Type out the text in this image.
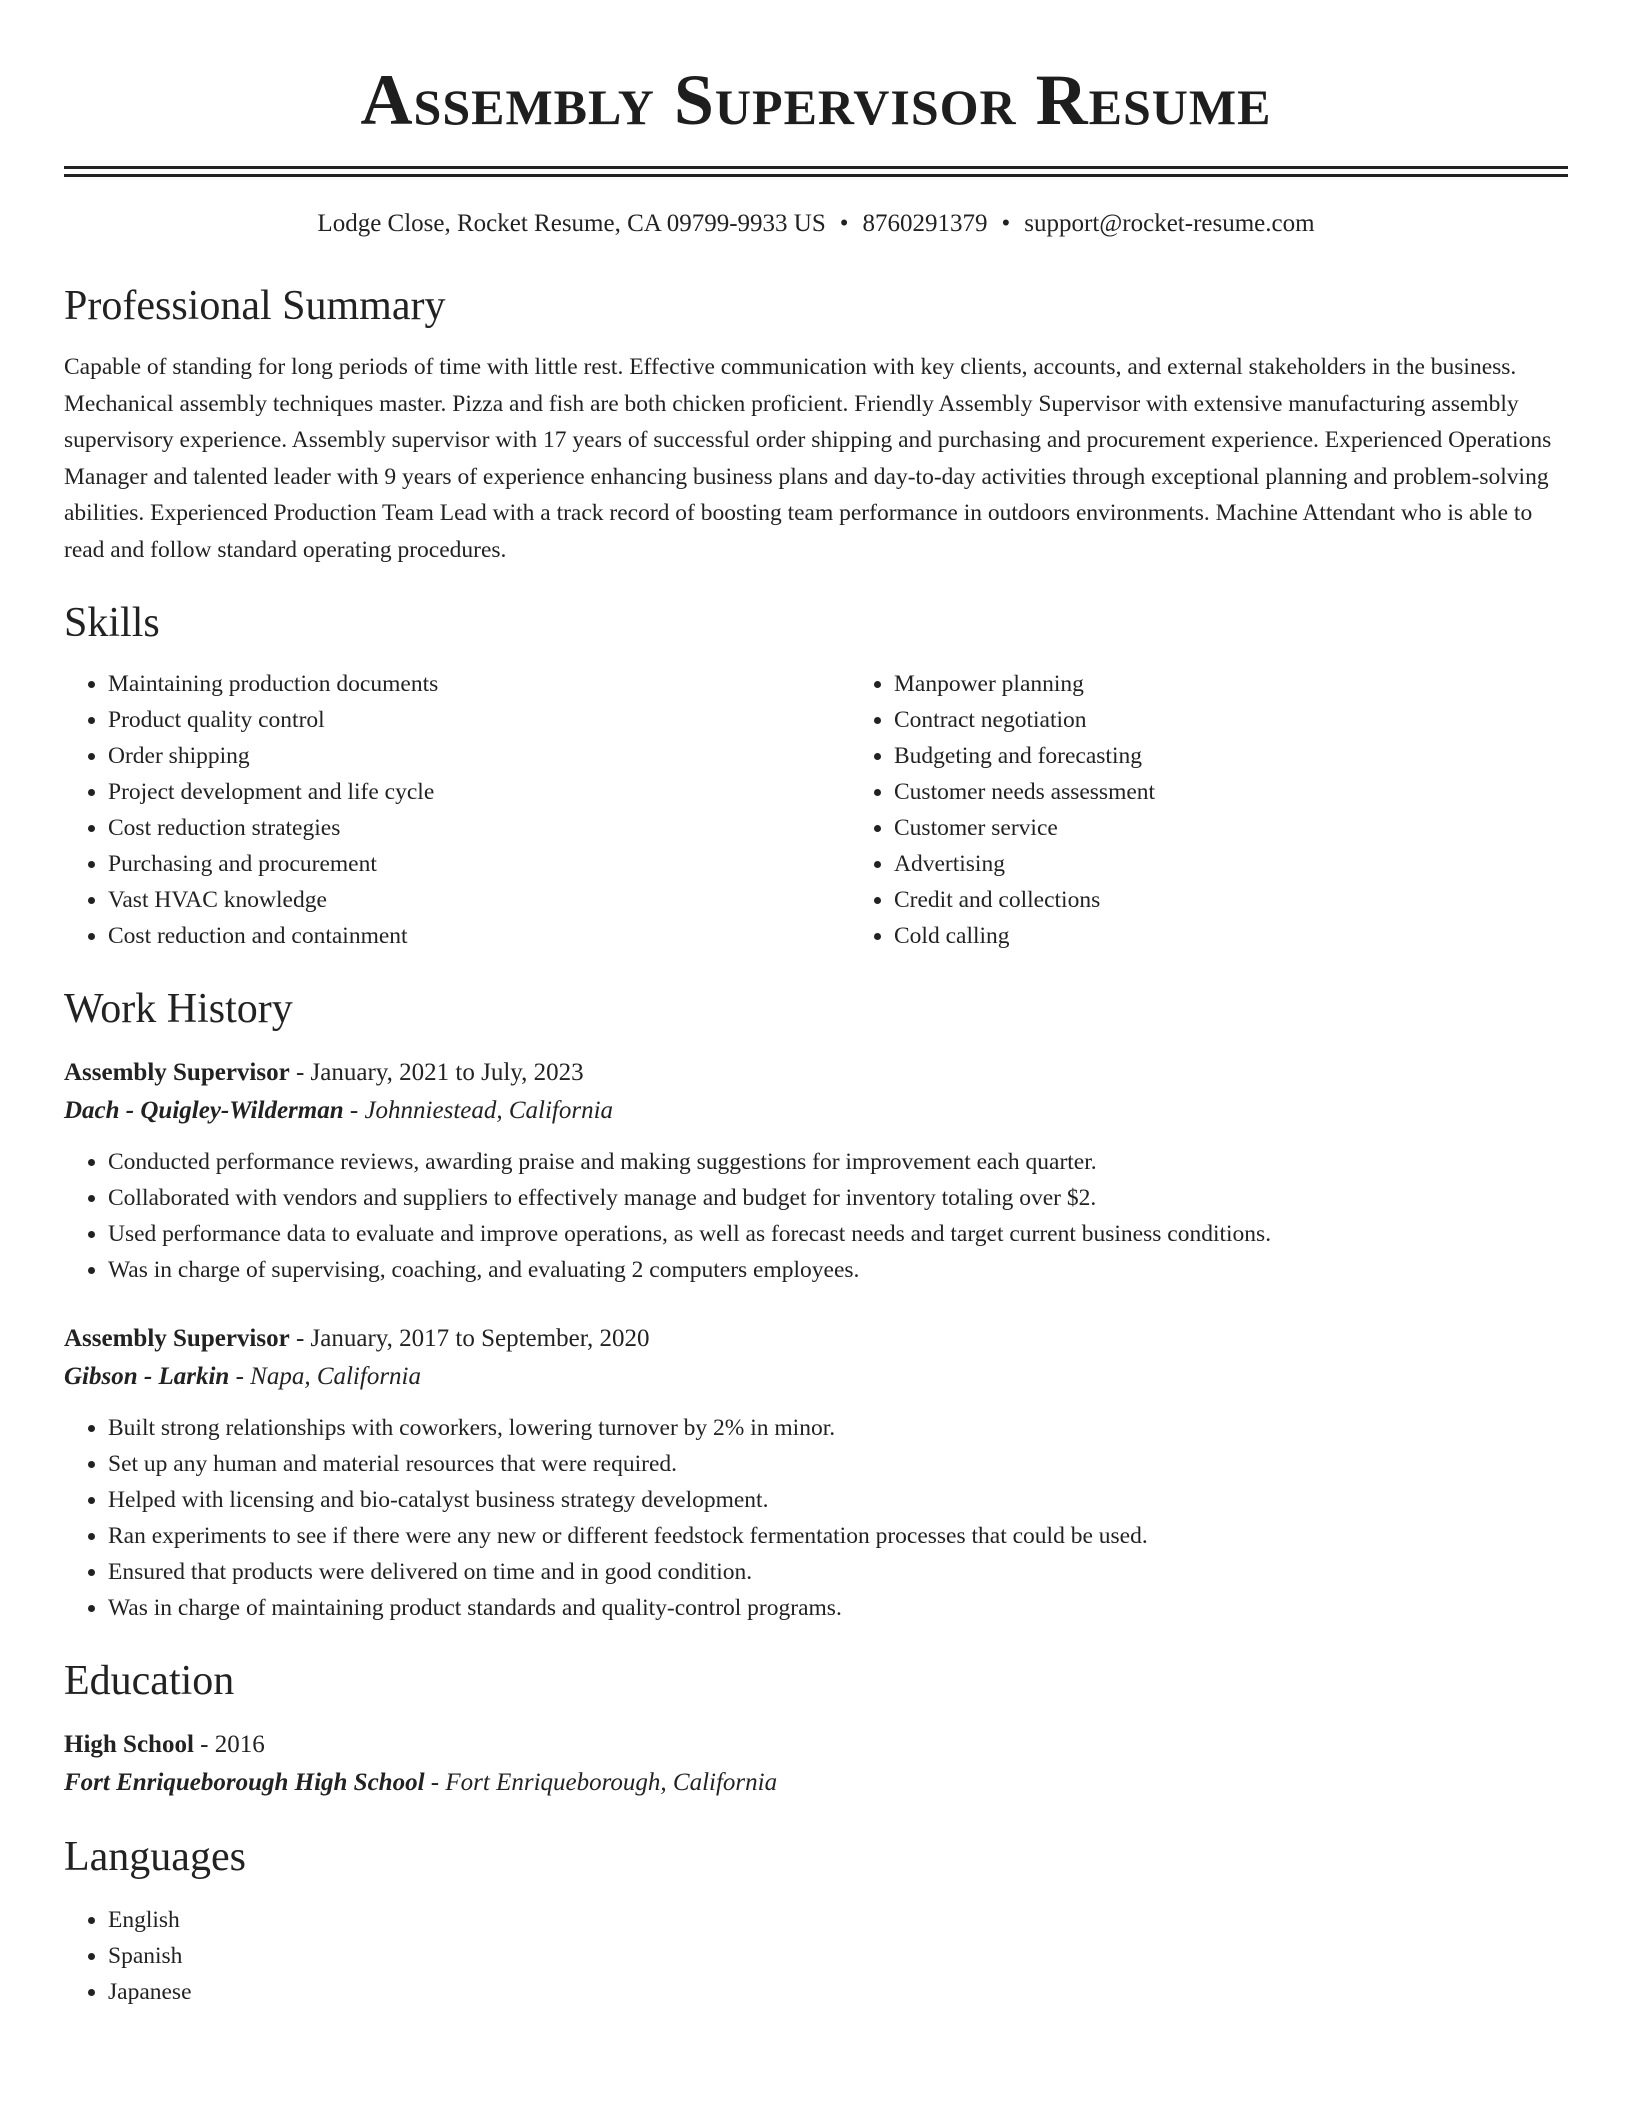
Assembly Supervisor Resume
Lodge Close, Rocket Resume, CA 09799-9933 US • 8760291379 • support@rocket-resume.com
Professional Summary
Capable of standing for long periods of time with little rest. Effective communication with key clients, accounts, and external stakeholders in the business. Mechanical assembly techniques master. Pizza and fish are both chicken proficient. Friendly Assembly Supervisor with extensive manufacturing assembly supervisory experience. Assembly supervisor with 17 years of successful order shipping and purchasing and procurement experience. Experienced Operations Manager and talented leader with 9 years of experience enhancing business plans and day-to-day activities through exceptional planning and problem-solving abilities. Experienced Production Team Lead with a track record of boosting team performance in outdoors environments. Machine Attendant who is able to read and follow standard operating procedures.
Skills
• Maintaining production documents
• Product quality control
• Order shipping
• Project development and life cycle
• Cost reduction strategies
• Purchasing and procurement
• Vast HVAC knowledge
• Cost reduction and containment
• Manpower planning
• Contract negotiation
• Budgeting and forecasting
• Customer needs assessment
• Customer service
• Advertising
• Credit and collections
• Cold calling
Work History
Assembly Supervisor - January, 2021 to July, 2023
Dach - Quigley-Wilderman - Johnniestead, California
• Conducted performance reviews, awarding praise and making suggestions for improvement each quarter.
• Collaborated with vendors and suppliers to effectively manage and budget for inventory totaling over $2.
• Used performance data to evaluate and improve operations, as well as forecast needs and target current business conditions.
• Was in charge of supervising, coaching, and evaluating 2 computers employees.
Assembly Supervisor - January, 2017 to September, 2020
Gibson - Larkin - Napa, California
• Built strong relationships with coworkers, lowering turnover by 2% in minor.
• Set up any human and material resources that were required.
• Helped with licensing and bio-catalyst business strategy development.
• Ran experiments to see if there were any new or different feedstock fermentation processes that could be used.
• Ensured that products were delivered on time and in good condition.
• Was in charge of maintaining product standards and quality-control programs.
Education
High School - 2016
Fort Enriqueborough High School - Fort Enriqueborough, California
Languages
• English
• Spanish
• Japanese
